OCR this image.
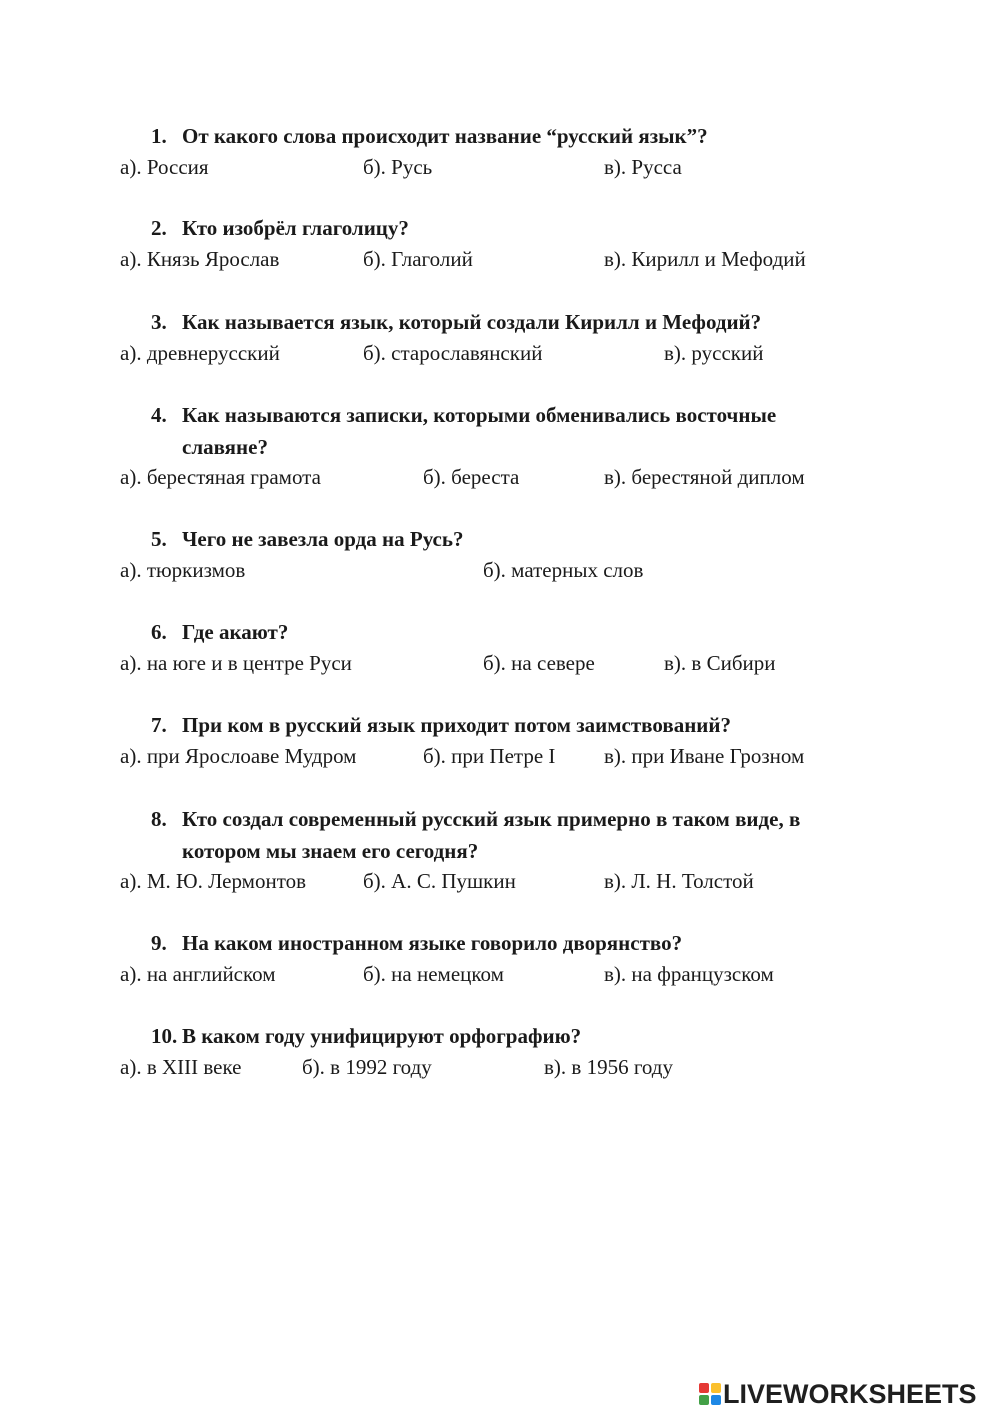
1. От какого слова происходит название “русский язык”?
а). Россия	б). Русь	в). Русса
2. Кто изобрёл глаголицу?
а). Князь Ярослав	б). Глаголий	в). Кирилл и Мефодий
3. Как называется язык, который создали Кирилл и Мефодий?
а). древнерусский	б). старославянский	в). русский
4. Как называются записки, которыми обменивались восточные славяне?
а). берестяная грамота	б). береста	в). берестяной диплом
5. Чего не завезла орда на Русь?
а). тюркизмов	б). матерных слов
6. Где акают?
а). на юге и в центре Руси	б). на севере	в). в Сибири
7. При ком в русский язык приходит потом заимствований?
а). при Ярослоаве Мудром	б). при Петре I в). при Иване Грозном
8. Кто создал современный русский язык примерно в таком виде, в котором мы знаем его сегодня?
а). М. Ю. Лермонтов	б). А. С. Пушкин	в). Л. Н. Толстой
9. На каком иностранном языке говорило дворянство?
а). на английском	б). на немецком	в). на французском
10. В каком году унифицируют орфографию?
а). в XIII веке	б). в 1992 году	в). в 1956 году
LIVEWORKSHEETS
